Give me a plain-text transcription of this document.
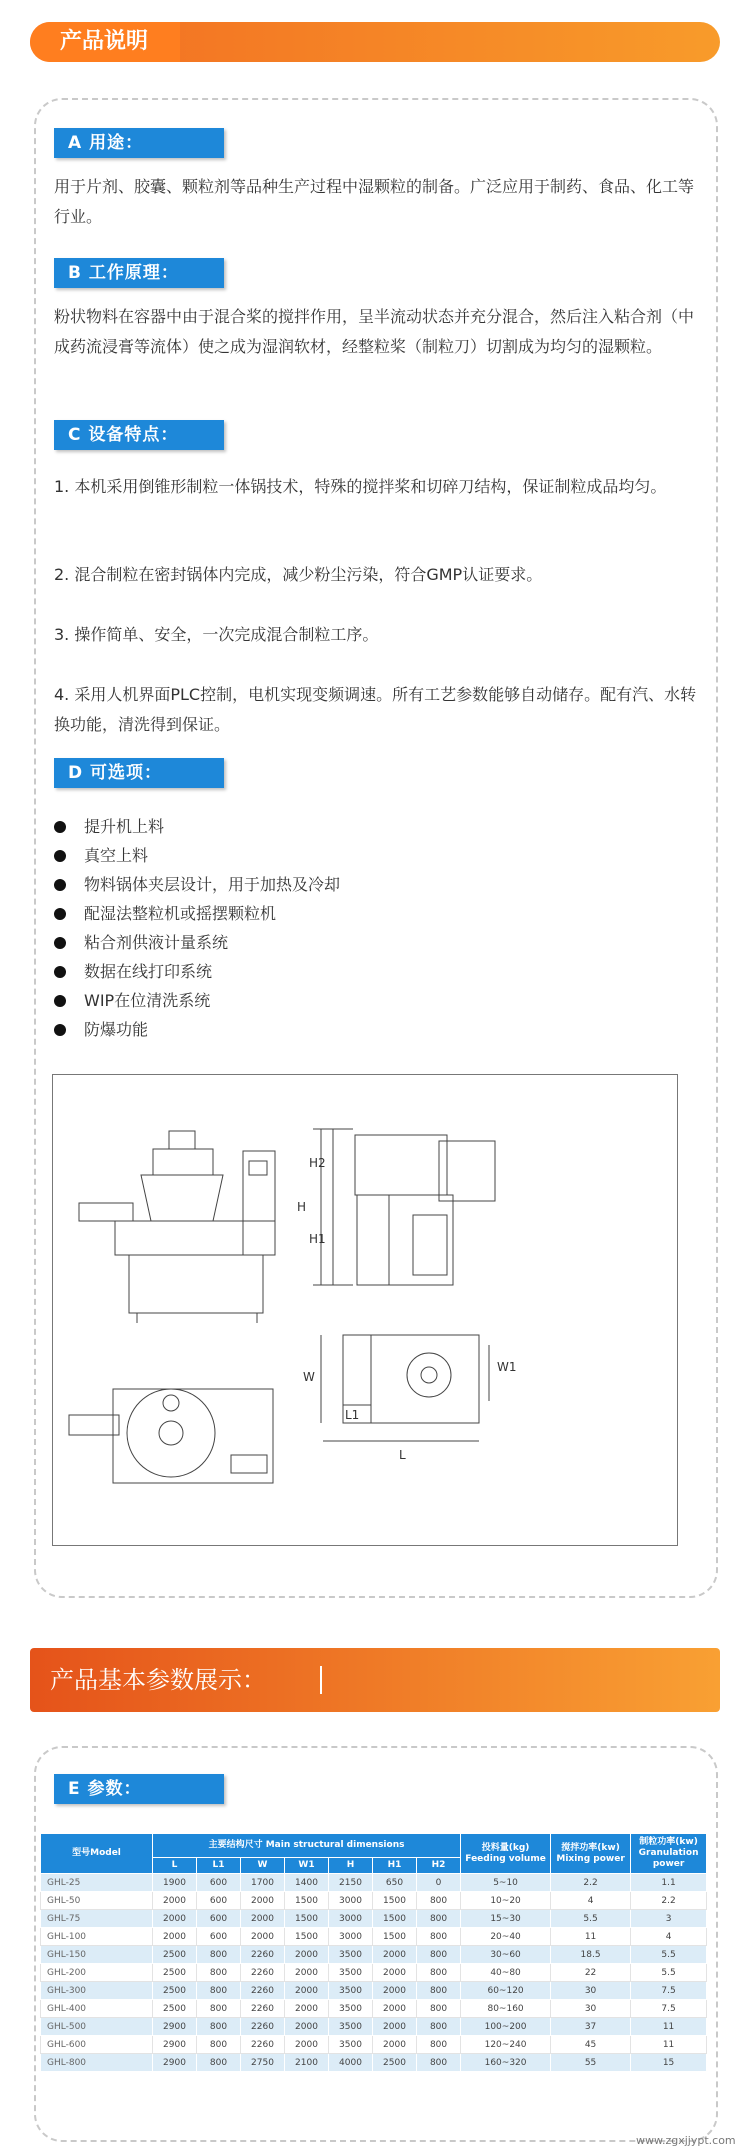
产品说明
A 用途：
用于片剂、胶囊、颗粒剂等品种生产过程中湿颗粒的制备。广泛应用于制药、食品、化工等行业。
B 工作原理：
粉状物料在容器中由于混合桨的搅拌作用，呈半流动状态并充分混合，然后注入粘合剂（中成药流浸膏等流体）使之成为湿润软材，经整粒桨（制粒刀）切割成为均匀的湿颗粒。
C 设备特点：
1. 本机采用倒锥形制粒一体锅技术，特殊的搅拌桨和切碎刀结构，保证制粒成品均匀。
2. 混合制粒在密封锅体内完成，减少粉尘污染，符合GMP认证要求。
3. 操作简单、安全，一次完成混合制粒工序。
4. 采用人机界面PLC控制，电机实现变频调速。所有工艺参数能够自动储存。配有汽、水转换功能，清洗得到保证。
D 可选项：
提升机上料
真空上料
物料锅体夹层设计，用于加热及冷却
配湿法整粒机或摇摆颗粒机
粘合剂供液计量系统
数据在线打印系统
WIP在位清洗系统
防爆功能
H
H2
H1
W
W1
L1
L
产品基本参数展示：
E 参数：
型号Model	主要结构尺寸 Main structural dimensions							投料量(kg) Feeding volume	搅拌功率(kw) Mixing power	制粒功率(kw) Granulation power
	L	L1	W	W1	H	H1	H2			
GHL-25	1900	600	1700	1400	2150	650	0	5~10	2.2	1.1
GHL-50	2000	600	2000	1500	3000	1500	800	10~20	4	2.2
GHL-75	2000	600	2000	1500	3000	1500	800	15~30	5.5	3
GHL-100	2000	600	2000	1500	3000	1500	800	20~40	11	4
GHL-150	2500	800	2260	2000	3500	2000	800	30~60	18.5	5.5
GHL-200	2500	800	2260	2000	3500	2000	800	40~80	22	5.5
GHL-300	2500	800	2260	2000	3500	2000	800	60~120	30	7.5
GHL-400	2500	800	2260	2000	3500	2000	800	80~160	30	7.5
GHL-500	2900	800	2260	2000	3500	2000	800	100~200	37	11
GHL-600	2900	800	2260	2000	3500	2000	800	120~240	45	11
GHL-800	2900	800	2750	2100	4000	2500	800	160~320	55	15
www.zgxjjypt.com
